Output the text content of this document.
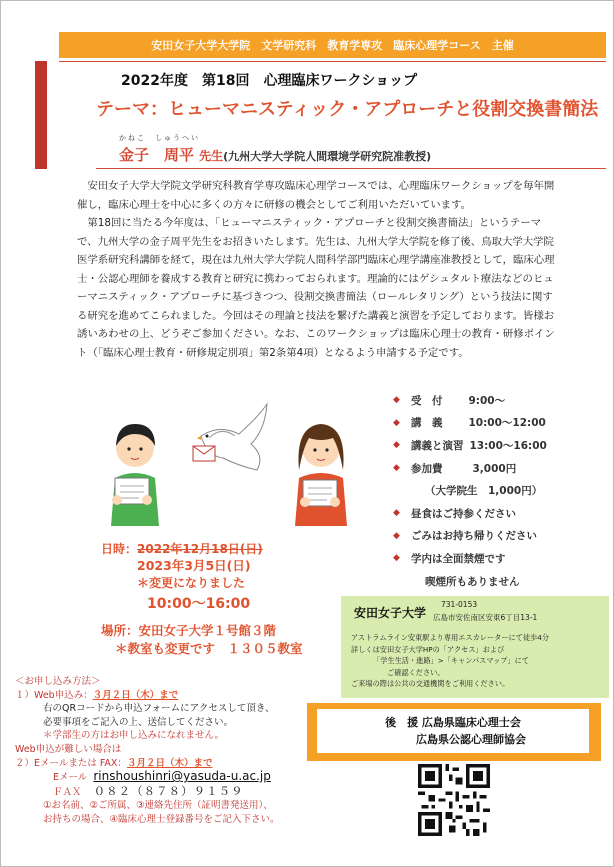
安田女子大学大学院　文学研究科　教育学専攻　臨床心理学コース　主催
2022年度　第18回　心理臨床ワークショップ
テーマ：ヒューマニスティック・アプローチと役割交換書簡法
かねこ　しゅうへい
金子　周平 先生(九州大学大学院人間環境学研究院准教授)

安田女子大学大学院文学研究科教育学専攻臨床心理学コースでは、心理臨床ワークショップを毎年開催し，臨床心理士を中心に多くの方々に研修の機会としてご利用いただいています。

第18回に当たる今年度は、「ヒューマニスティック・アプローチと役割交換書簡法」というテーマで、九州大学の金子周平先生をお招きいたします。先生は、九州大学大学院を修了後、鳥取大学大学院医学系研究科講師を経て，現在は九州大学大学院人間科学部門臨床心理学講座准教授として，臨床心理士・公認心理師を養成する教育と研究に携わっておられます。理論的にはゲシュタルト療法などのヒューマニスティック・アプローチに基づきつつ、役割交換書簡法（ロールレタリング）という技法に関する研究を進めてこられました。今回はその理論と技法を繋げた講義と演習を予定しております。皆様お誘いあわせの上、どうぞご参加ください。なお、このワークショップは臨床心理士の教育・研修ポイント（「臨床心理士教育・研修規定別項」第2条第4項）となるよう申請する予定です。

◆	受　付 9:00～
◆	講　義 10:00～12:00
◆	講義と演習 13:00～16:00
◆	参加費	3,000円
（大学院生　1,000円）
◆	昼食はご持参ください
◆	ごみはお持ち帰りください
◆	学内は全面禁煙です
喫煙所もありません
日時：2022年12月18日(日)
2023年3月5日(日)
＊変更になりました
10:00～16:00
場所：安田女子大学１号館３階
＊教室も変更です　１３０５教室
安田女子大学
731-0153
広島市安佐南区安東6丁目13-1
アストラムライン安東駅より専用エスカレーターにて徒歩4分
詳しくは安田女子大学HPの「アクセス」および
「学生生活・進路」>「キャンパスマップ」にて
ご確認ください。
ご来場の際は公共の交通機関をご利用ください。
後　援 広島県臨床心理士会
広島県公認心理師協会
＜お申し込み方法＞
１）Web申込み：３月２日（木）まで
右のQRコードから申込フォームにアクセスして頂き、
必要事項をご記入の上、送信してください。
＊学部生の方はお申し込みになれません。
Web申込が難しい場合は
２）Eメールまたは FAX：３月２日（木）まで
Eメール rinshoushinri@yasuda-u.ac.jp
ＦＡＸ ０８２（８７８）９１５９
①お名前、②ご所属、③連絡先住所（証明書発送用）、
お持ちの場合、④臨床心理士登録番号をご記入下さい。
